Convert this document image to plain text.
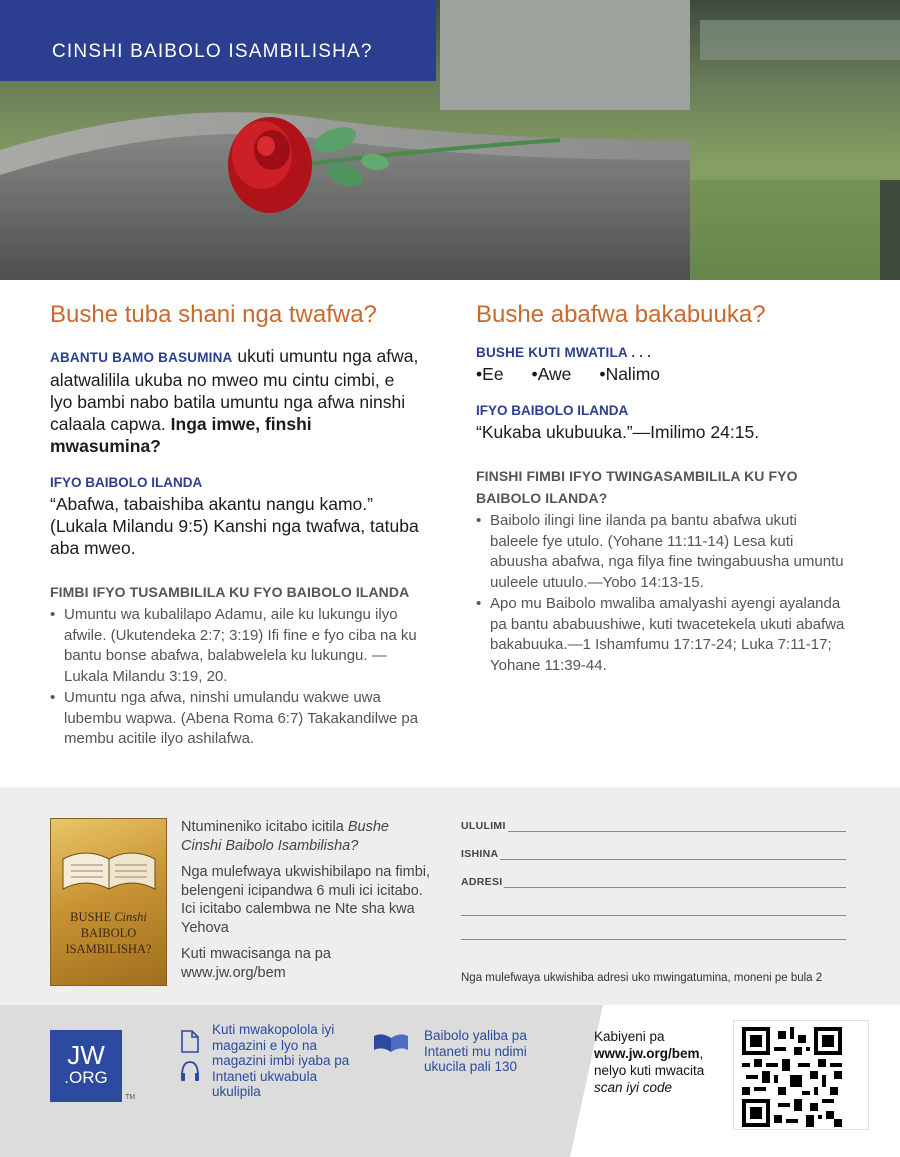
CINSHI BAIBOLO ISAMBILISHA?
Bushe tuba shani nga twafwa?

ABANTU BAMO BASUMINA ukuti umuntu nga afwa, alatwalilila ukuba no mweo mu cintu cimbi, e lyo bambi nabo batila umuntu nga afwa ninshi calaala capwa. Inga imwe, finshi mwasumina?

IFYO BAIBOLO ILANDA

“Abafwa, tabaishiba akantu nangu kamo.” (Lukala Milandu 9:5) Kanshi nga twafwa, tatuba aba mweo.

FIMBI IFYO TUSAMBILILA KU FYO BAIBOLO ILANDA
• Umuntu wa kubalilapo Adamu, aile ku lukungu ilyo afwile. (Ukutendeka 2:7; 3:19) Ifi fine e fyo ciba na ku bantu bonse abafwa, balabwelela ku lukungu. —Lukala Milandu 3:19, 20.
• Umuntu nga afwa, ninshi umulandu wakwe uwa lubembu wapwa. (Abena Roma 6:7) Takakandilwe pa membu acitile ilyo ashilafwa.
Bushe abafwa bakabuuka?
BUSHE KUTI MWATILA . . .
• Ee	• Awe	• Nalimo
IFYO BAIBOLO ILANDA

“Kukaba ukubuuka.”—Imilimo 24:15.

FINSHI FIMBI IFYO TWINGASAMBILILA KU FYO BAIBOLO ILANDA?
• Baibolo ilingi line ilanda pa bantu abafwa ukuti baleele fye utulo. (Yohane 11:11-14) Lesa kuti abuusha abafwa, nga filya fine twingabuusha umuntu uuleele utuulo.—Yobo 14:13-15.
• Apo mu Baibolo mwaliba amalyashi ayengi ayalanda pa bantu ababuushiwe, kuti twacetekela ukuti abafwa bakabuuka.—1 Ishamfumu 17:17-24; Luka 7:11-17; Yohane 11:39-44.
BUSHE Cinshi
BAIBOLO
ISAMBILISHA?

Ntumineniko icitabo icitila Bushe Cinshi Baibolo Isambilisha?

Nga mulefwaya ukwishibilapo na fimbi, belengeni icipandwa 6 muli ici icitabo. Ici icitabo calembwa ne Nte sha kwa Yehova

Kuti mwacisanga na pa www.jw.org/bem

ULULIMI
ISHINA
ADRESI
Nga mulefwaya ukwishiba adresi uko mwingatumina, moneni pe bula 2
JW
.ORG
TM
Kuti mwakopolola iyi magazini e lyo na magazini imbi iyaba pa Intaneti ukwabula ukulipila
Baibolo yaliba pa Intaneti mu ndimi ukucila pali 130
Kabiyeni pa www.jw.org/bem, nelyo kuti mwacita scan iyi code
